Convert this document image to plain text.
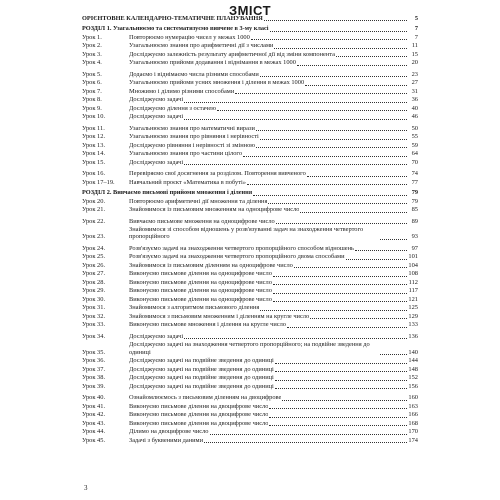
ЗМІСТ
ОРІЄНТОВНЕ КАЛЕНДАРНО-ТЕМАТИЧНЕ ПЛАНУВАННЯ	5
РОЗДІЛ 1. Узагальнюємо та систематизуємо вивчене в 3-му класі	7
Урок 1.	Повторюємо нумерацію чисел у межах 1000	7
Урок 2.	Узагальнюємо знання про арифметичні дії з числами	11
Урок 3.	Досліджуємо залежність результату арифметичної дії від зміни компонента	15
Урок 4.	Узагальнюємо прийоми додавання і віднімання в межах 1000	20
Урок 5.	Додаємо і віднімаємо числа різними способами	23
Урок 6.	Узагальнюємо прийоми усних множення і ділення в межах 1000	27
Урок 7.	Множимо і ділимо різними способами	31
Урок 8.	Досліджуємо задачі	36
Урок 9.	Досліджуємо ділення з остачею	40
Урок 10.	Досліджуємо задачі	46
Урок 11.	Узагальнюємо знання про математичні вирази	50
Урок 12.	Узагальнюємо знання про рівняння і нерівності	55
Урок 13.	Досліджуємо рівняння і нерівності зі змінною	59
Урок 14.	Узагальнюємо знання про частини цілого	64
Урок 15.	Досліджуємо задачі	70
Урок 16.	Перевіряємо свої досягнення за розділом. Повторення вивченого	74
Урок 17–19.	Навчальний проєкт «Математика в побуті»	77
РОЗДІЛ 2. Вивчаємо письмові прийоми множення і ділення	79
Урок 20.	Повторюємо арифметичні дії множення та ділення	79
Урок 21.	Знайомимося із письмовим множенням на одноцифрове число	85
Урок 22.	Вивчаємо письмове множення на одноцифрове число	89
Урок 23.
Знайомимося зі способом відношень у розв'язуванні задач на знаходження четвертого пропорційного	93
Урок 24.	Розв'язуємо задачі на знаходження четвертого пропорційного способом відношень	97
Урок 25.	Розв'язуємо задачі на знаходження четвертого пропорційного двома способами	101
Урок 26.	Знайомимося із письмовим діленням на одноцифрове число	104
Урок 27.	Виконуємо письмове ділення на одноцифрове число	108
Урок 28.	Виконуємо письмове ділення на одноцифрове число	112
Урок 29.	Виконуємо письмове ділення на одноцифрове число	117
Урок 30.	Виконуємо письмове ділення на одноцифрове число	121
Урок 31.	Знайомимося з алгоритмом письмового ділення	125
Урок 32.	Знайомимося з письмовим множенням і діленням на кругле число	129
Урок 33.	Виконуємо письмове множення і ділення на кругле число	133
Урок 34.	Досліджуємо задачі	136
Урок 35.
Досліджуємо задачі на знаходження четвертого пропорційного; на подвійне зведення до одиниці	140
Урок 36.	Досліджуємо задачі на подвійне зведення до одиниці	144
Урок 37.	Досліджуємо задачі на подвійне зведення до одиниці	148
Урок 38.	Досліджуємо задачі на подвійне зведення до одиниці	152
Урок 39.	Досліджуємо задачі на подвійне зведення до одиниці	156
Урок 40.	Ознайомлюємось з письмовим діленням на двоцифрове	160
Урок 41.	Виконуємо письмове ділення на двоцифрове число	163
Урок 42.	Виконуємо письмове ділення на двоцифрове число	166
Урок 43.	Виконуємо письмове ділення на двоцифрове число	168
Урок 44.	Ділимо на двоцифрове число	170
Урок 45.	Задачі з буквеними даними	174
3
